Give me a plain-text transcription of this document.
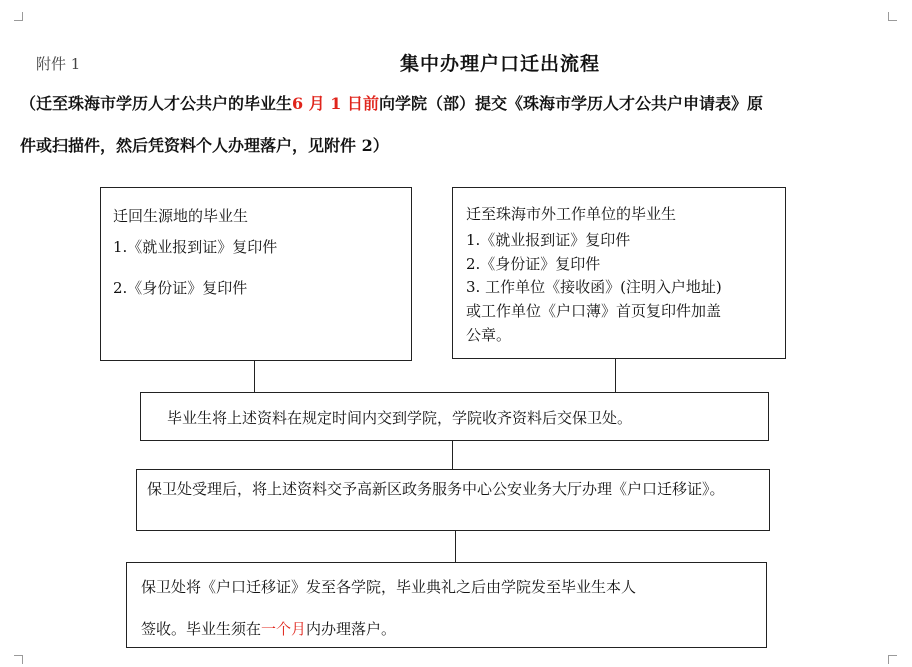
附件 1	集中办理户口迁出流程
（迁至珠海市学历人才公共户的毕业生6 月 1 日前向学院（部）提交《珠海市学历人才公共户申请表》原
件或扫描件，然后凭资料个人办理落户，见附件 2）
迁回生源地的毕业生
1.《就业报到证》复印件
2.《身份证》复印件
迁至珠海市外工作单位的毕业生
1.《就业报到证》复印件
2.《身份证》复印件
3. 工作单位《接收函》(注明入户地址)
或工作单位《户口薄》首页复印件加盖
公章。
毕业生将上述资料在规定时间内交到学院，学院收齐资料后交保卫处。
保卫处受理后，将上述资料交予高新区政务服务中心公安业务大厅办理《户口迁移证》。
保卫处将《户口迁移证》发至各学院，毕业典礼之后由学院发至毕业生本人
签收。毕业生须在一个月内办理落户。
